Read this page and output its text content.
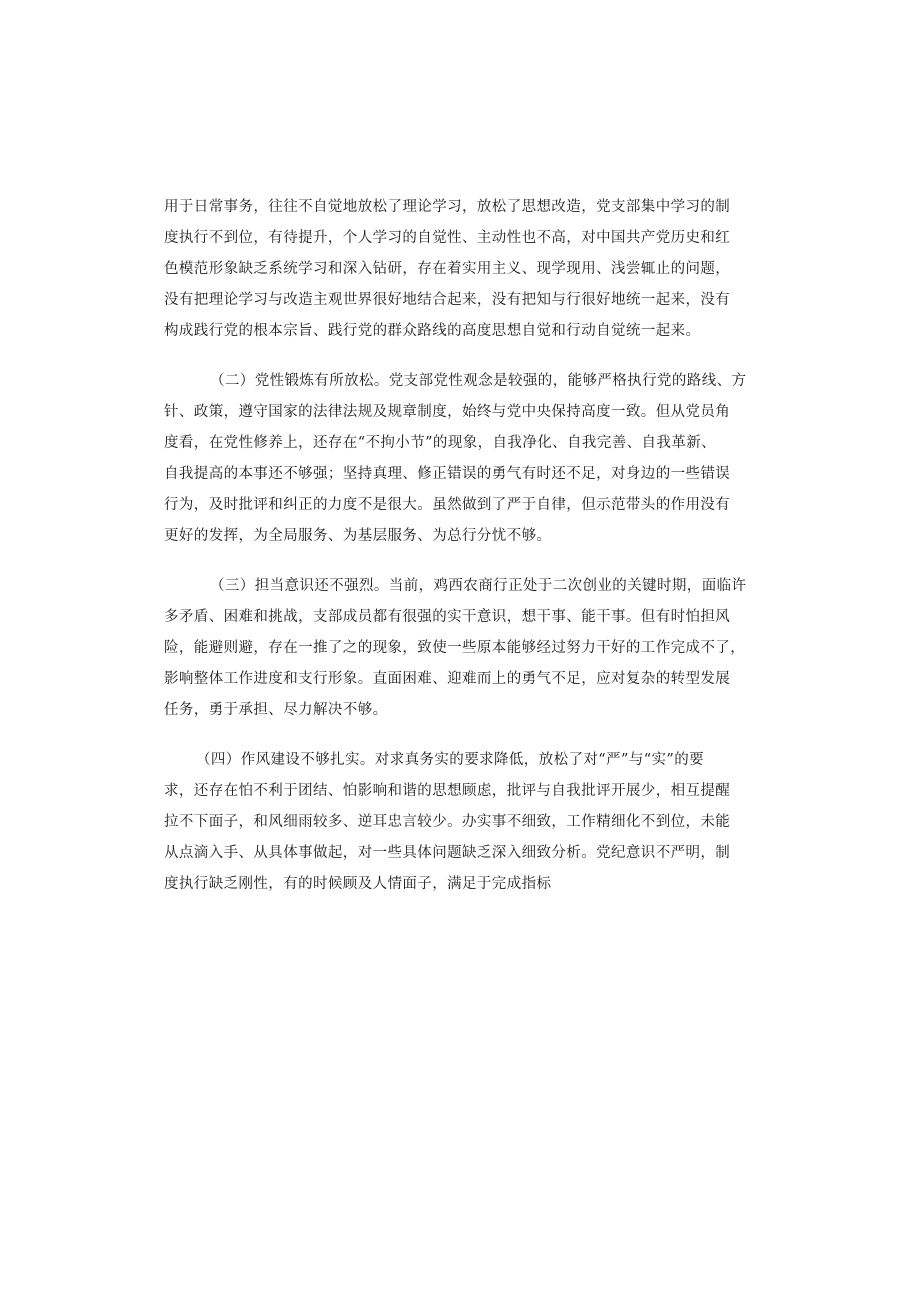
用于日常事务，往往不自觉地放松了理论学习，放松了思想改造，党支部集中学习的制
度执行不到位，有待提升，个人学习的自觉性、主动性也不高，对中国共产党历史和红
色模范形象缺乏系统学习和深入钻研，存在着实用主义、现学现用、浅尝辄止的问题，
没有把理论学习与改造主观世界很好地结合起来，没有把知与行很好地统一起来，没有
构成践行党的根本宗旨、践行党的群众路线的高度思想自觉和行动自觉统一起来。
（二）党性锻炼有所放松。党支部党性观念是较强的，能够严格执行党的路线、方
针、政策，遵守国家的法律法规及规章制度，始终与党中央保持高度一致。但从党员角
度看，在党性修养上，还存在“不拘小节”的现象，自我净化、自我完善、自我革新、
自我提高的本事还不够强；坚持真理、修正错误的勇气有时还不足，对身边的一些错误
行为，及时批评和纠正的力度不是很大。虽然做到了严于自律，但示范带头的作用没有
更好的发挥，为全局服务、为基层服务、为总行分忧不够。
（三）担当意识还不强烈。当前，鸡西农商行正处于二次创业的关键时期，面临许
多矛盾、困难和挑战，支部成员都有很强的实干意识，想干事、能干事。但有时怕担风
险，能避则避，存在一推了之的现象，致使一些原本能够经过努力干好的工作完成不了，
影响整体工作进度和支行形象。直面困难、迎难而上的勇气不足，应对复杂的转型发展
任务，勇于承担、尽力解决不够。
（四）作风建设不够扎实。对求真务实的要求降低，放松了对“严”与“实”的要
求，还存在怕不利于团结、怕影响和谐的思想顾虑，批评与自我批评开展少，相互提醒
拉不下面子，和风细雨较多、逆耳忠言较少。办实事不细致，工作精细化不到位，未能
从点滴入手、从具体事做起，对一些具体问题缺乏深入细致分析。党纪意识不严明，制
度执行缺乏刚性，有的时候顾及人情面子，满足于完成指标
